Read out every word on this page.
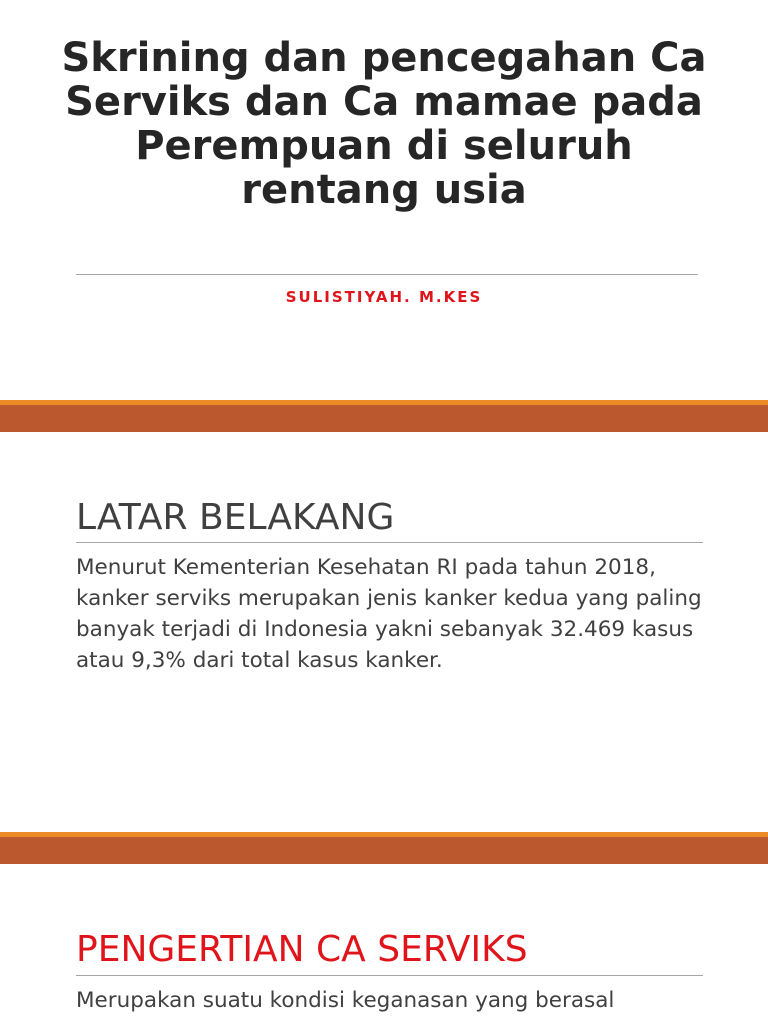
Skrining dan pencegahan Ca Serviks dan Ca mamae pada Perempuan di seluruh rentang usia
SULISTIYAH. M.KES
LATAR BELAKANG

Menurut Kementerian Kesehatan RI pada tahun 2018, kanker serviks merupakan jenis kanker kedua yang paling banyak terjadi di Indonesia yakni sebanyak 32.469 kasus atau 9,3% dari total kasus kanker.

PENGERTIAN CA SERVIKS

Merupakan suatu kondisi keganasan yang berasal
